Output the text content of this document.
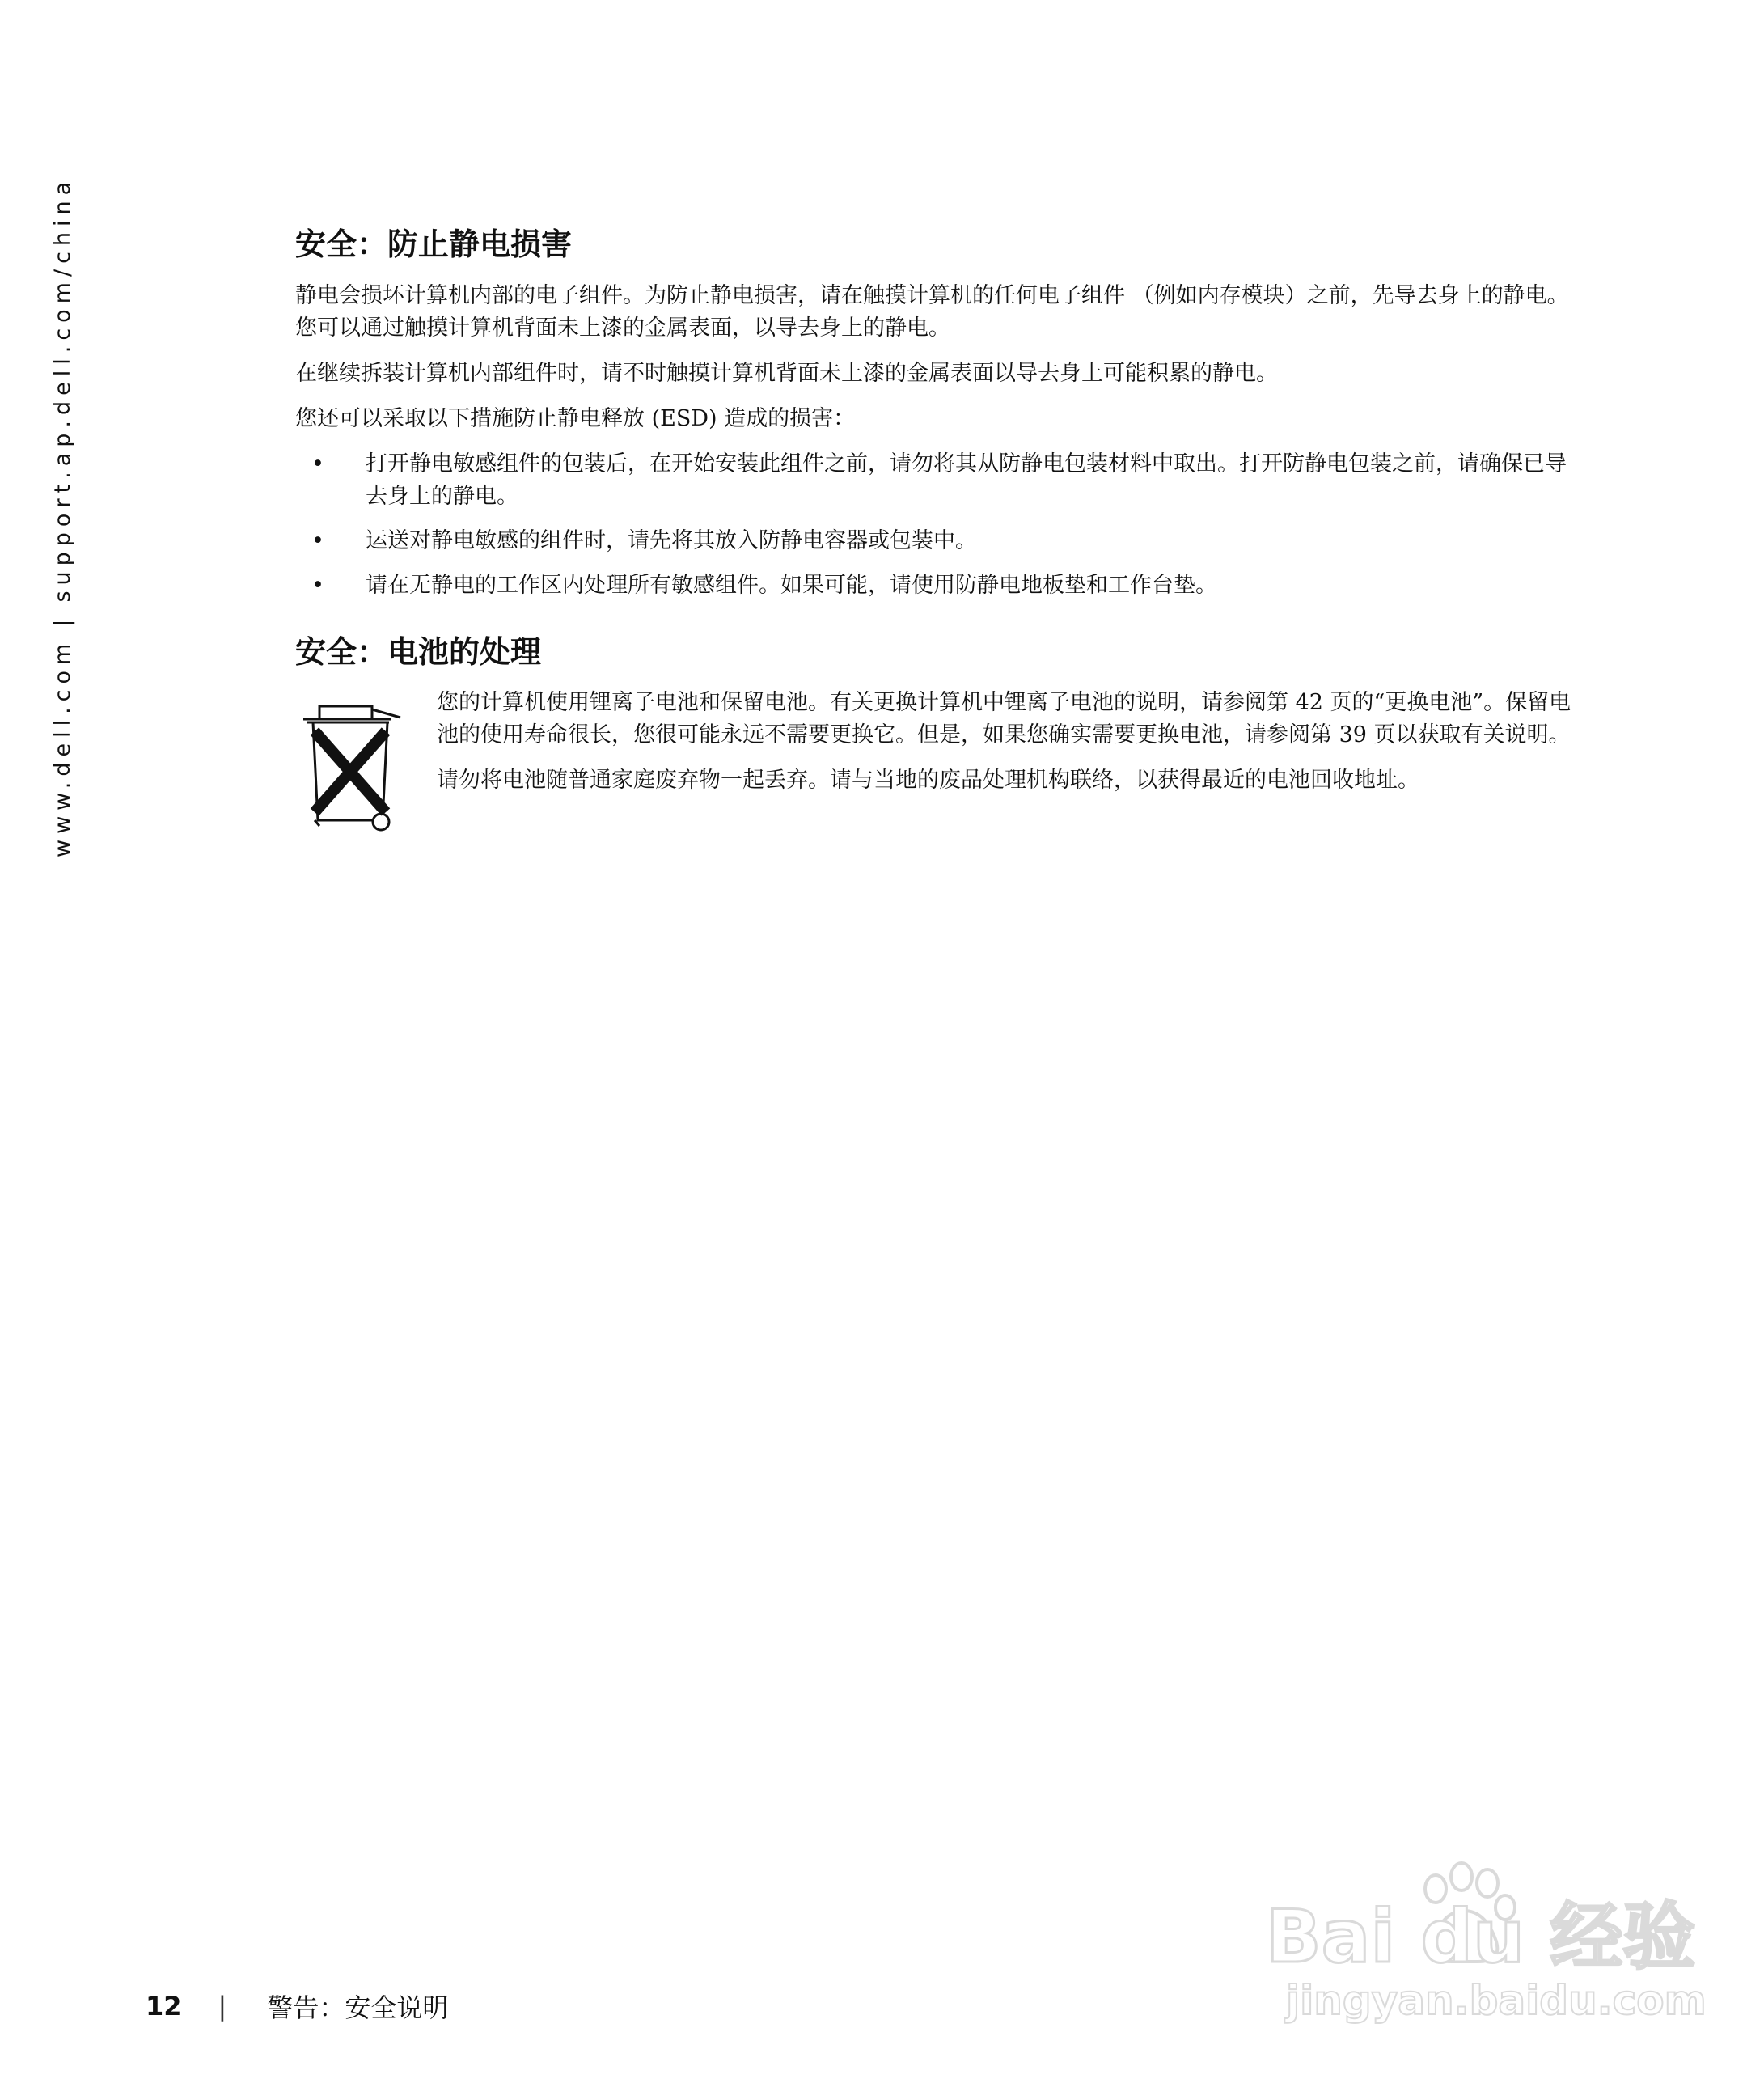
www.dell.com|support.ap.dell.com/china	安全：防止静电损害

静电会损坏计算机内部的电子组件。为防止静电损害，请在触摸计算机的任何电子组件 （例如内存模块）之前，先导去身上的静电。您可以通过触摸计算机背面未上漆的金属表面，以导去身上的静电。

在继续拆装计算机内部组件时，请不时触摸计算机背面未上漆的金属表面以导去身上可能积累的静电。

您还可以采取以下措施防止静电释放 (ESD) 造成的损害：

• 打开静电敏感组件的包装后，在开始安装此组件之前，请勿将其从防静电包装材料中取出。打开防静电包装之前，请确保已导去身上的静电。
• 运送对静电敏感的组件时，请先将其放入防静电容器或包装中。
• 请在无静电的工作区内处理所有敏感组件。如果可能，请使用防静电地板垫和工作台垫。
安全：电池的处理

您的计算机使用锂离子电池和保留电池。有关更换计算机中锂离子电池的说明，请参阅第 42 页的“更换电池”。保留电池的使用寿命很长，您很可能永远不需要更换它。但是，如果您确实需要更换电池，请参阅第 39 页以获取有关说明。

请勿将电池随普通家庭废弃物一起丢弃。请与当地的废品处理机构联络，以获得最近的电池回收地址。

12 | 警告：安全说明
Bai du 经验
jingyan.baidu.com
